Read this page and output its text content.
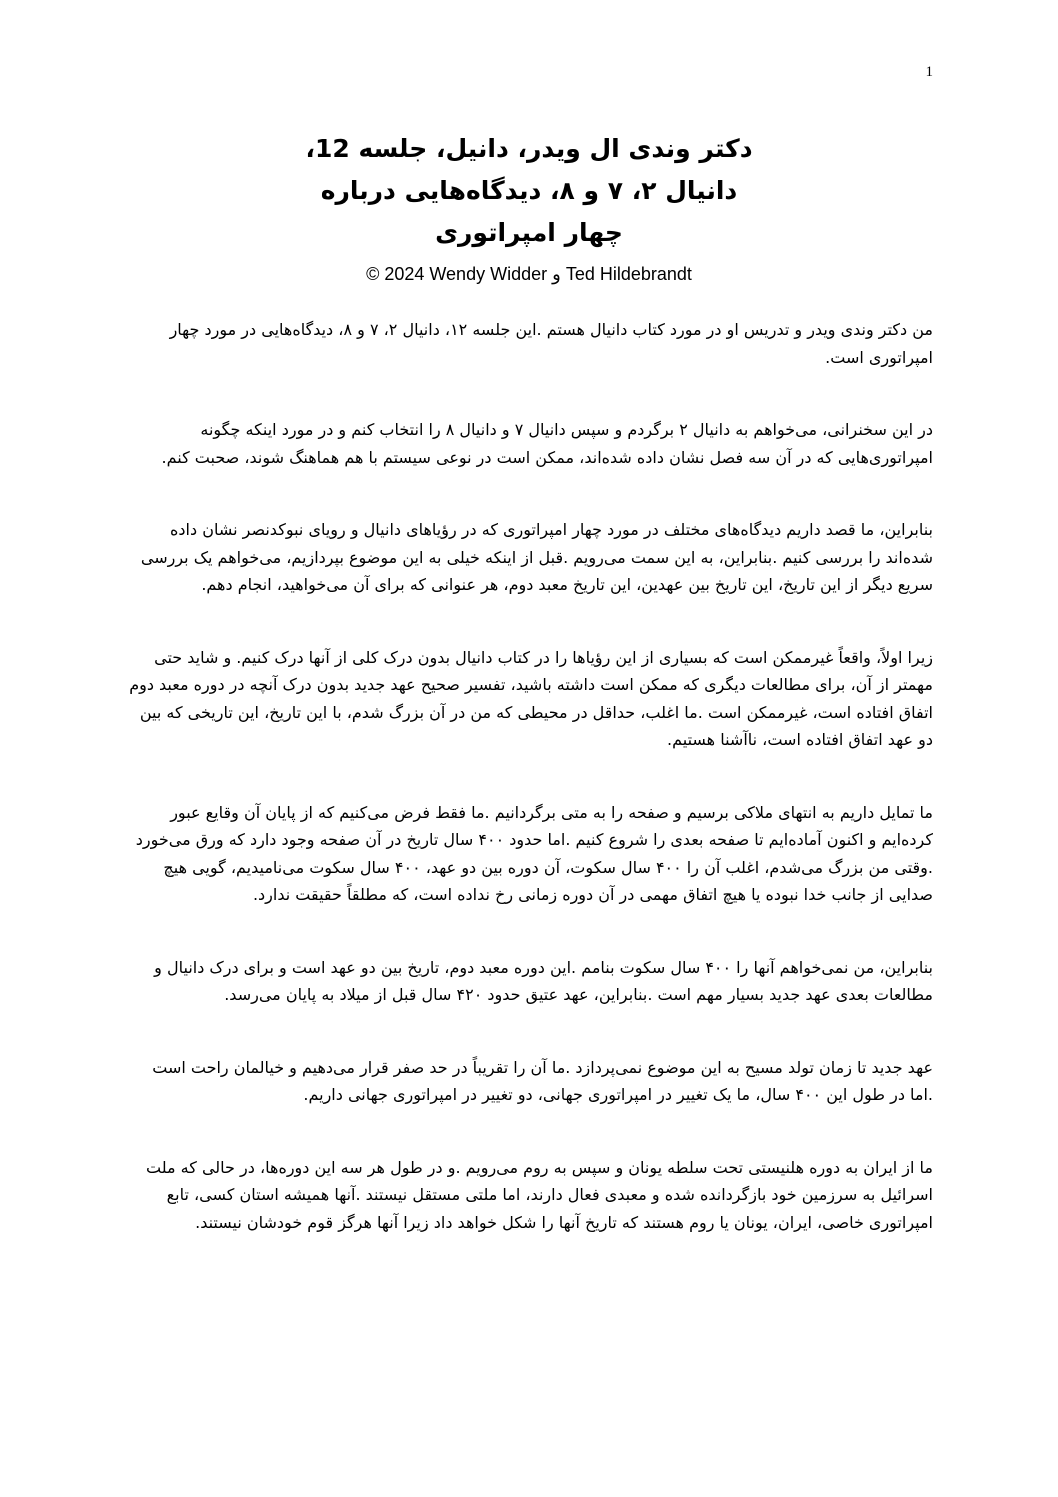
1

دکتر وندی ال ویدر، دانیل، جلسه 12،

دانیال ۲، ۷ و ۸، دیدگاه‌هایی درباره

چهار امپراتوری

© 2024 Wendy Widder و Ted Hildebrandt

من دکتر وندی ویدر و تدریس او در مورد کتاب دانیال هستم .این جلسه ۱۲، دانیال ۲، ۷ و ۸، دیدگاه‌هایی در مورد چهار امپراتوری است.

در این سخنرانی، می‌خواهم به دانیال ۲ برگردم و سپس دانیال ۷ و دانیال ۸ را انتخاب کنم و در مورد اینکه چگونه امپراتوری‌هایی که در آن سه فصل نشان داده شده‌اند، ممکن است در نوعی سیستم با هم هماهنگ شوند، صحبت کنم.

بنابراین، ما قصد داریم دیدگاه‌های مختلف در مورد چهار امپراتوری که در رؤیاهای دانیال و رویای نبوکدنصر نشان داده شده‌اند را بررسی کنیم .بنابراین، به این سمت می‌رویم .قبل از اینکه خیلی به این موضوع بپردازیم، می‌خواهم یک بررسی سریع دیگر از این تاریخ، این تاریخ بین عهدین، این تاریخ معبد دوم، هر عنوانی که برای آن می‌خواهید، انجام دهم.

زیرا اولاً، واقعاً غیرممکن است که بسیاری از این رؤیاها را در کتاب دانیال بدون درک کلی از آنها درک کنیم. و شاید حتی مهمتر از آن، برای مطالعات دیگری که ممکن است داشته باشید، تفسیر صحیح عهد جدید بدون درک آنچه در دوره معبد دوم اتفاق افتاده است، غیرممکن است .ما اغلب، حداقل در محیطی که من در آن بزرگ شدم، با این تاریخ، این تاریخی که بین دو عهد اتفاق افتاده است، ناآشنا هستیم.

ما تمایل داریم به انتهای ملاکی برسیم و صفحه را به متی برگردانیم .ما فقط فرض می‌کنیم که از پایان آن وقایع عبور کرده‌ایم و اکنون آماده‌ایم تا صفحه بعدی را شروع کنیم .اما حدود ۴۰۰ سال تاریخ در آن صفحه وجود دارد که ورق می‌خورد .وقتی من بزرگ می‌شدم، اغلب آن را ۴۰۰ سال سکوت، آن دوره بین دو عهد، ۴۰۰ سال سکوت می‌نامیدیم، گویی هیچ صدایی از جانب خدا نبوده یا هیچ اتفاق مهمی در آن دوره زمانی رخ نداده است، که مطلقاً حقیقت ندارد.

بنابراین، من نمی‌خواهم آنها را ۴۰۰ سال سکوت بنامم .این دوره معبد دوم، تاریخ بین دو عهد است و برای درک دانیال و مطالعات بعدی عهد جدید بسیار مهم است .بنابراین، عهد عتیق حدود ۴۲۰ سال قبل از میلاد به پایان می‌رسد.

عهد جدید تا زمان تولد مسیح به این موضوع نمی‌پردازد .ما آن را تقریباً در حد صفر قرار می‌دهیم و خیالمان راحت است .اما در طول این ۴۰۰ سال، ما یک تغییر در امپراتوری جهانی، دو تغییر در امپراتوری جهانی داریم.

ما از ایران به دوره هلنیستی تحت سلطه یونان و سپس به روم می‌رویم .و در طول هر سه این دوره‌ها، در حالی که ملت اسرائیل به سرزمین خود بازگردانده شده و معبدی فعال دارند، اما ملتی مستقل نیستند .آنها همیشه استان کسی، تابع امپراتوری خاصی، ایران، یونان یا روم هستند که تاریخ آنها را شکل خواهد داد زیرا آنها هرگز قوم خودشان نیستند.
